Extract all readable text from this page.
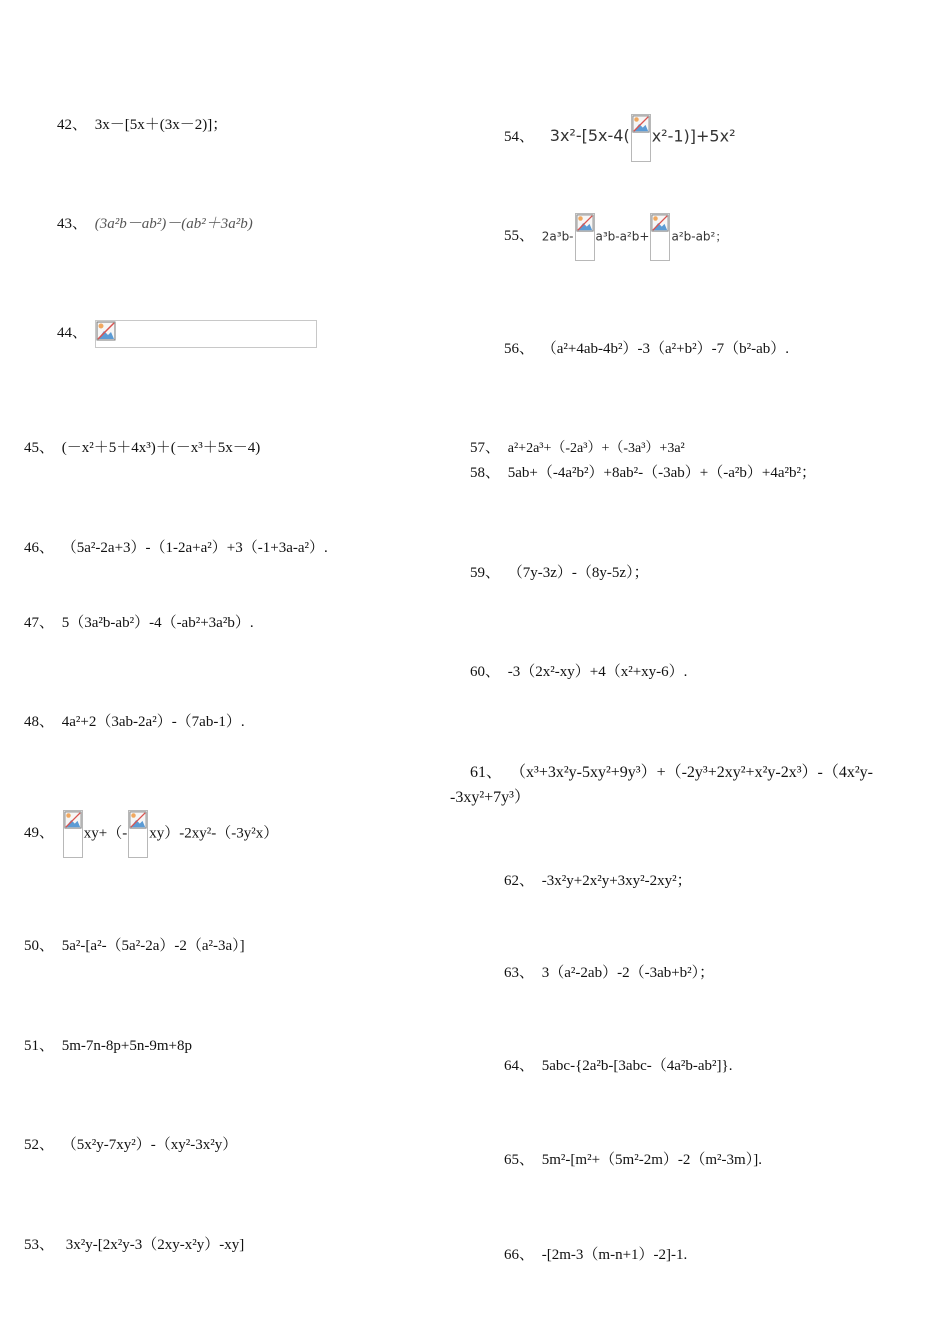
42、 3x－[5x＋(3x－2)]；
43、 (3a²b－ab²)－(ab²＋3a²b)
44、
45、 (－x²＋5＋4x³)＋(－x³＋5x－4)
46、 （5a²-2a+3）-（1-2a+a²）+3（-1+3a-a²）.
47、 5（3a²b-ab²）-4（-ab²+3a²b）.
48、 4a²+2（3ab-2a²）-（7ab-1）.
49、 xy+（- xy）-2xy²-（-3y²x）
50、 5a²-[a²-（5a²-2a）-2（a²-3a）]
51、 5m-7n-8p+5n-9m+8p
52、 （5x²y-7xy²）-（xy²-3x²y）
53、 3x²y-[2x²y-3（2xy-x²y）-xy]
54、 3x²-[5x-4( x²-1)]+5x²
55、 2a³b- a³b-a²b+ a²b-ab²；
56、 （a²+4ab-4b²）-3（a²+b²）-7（b²-ab）.
57、 a²+2a³+（-2a³）+（-3a³）+3a²
58、 5ab+（-4a²b²）+8ab²-（-3ab）+（-a²b）+4a²b²；
59、 （7y-3z）-（8y-5z）；
60、 -3（2x²-xy）+4（x²+xy-6）.
61、 （x³+3x²y-5xy²+9y³）+（-2y³+2xy²+x²y-2x³）-（4x²y-
-3xy²+7y³）
62、 -3x²y+2x²y+3xy²-2xy²；
63、 3（a²-2ab）-2（-3ab+b²）；
64、 5abc-{2a²b-[3abc-（4a²b-ab²]}.
65、 5m²-[m²+（5m²-2m）-2（m²-3m）].
66、 -[2m-3（m-n+1）-2]-1.
